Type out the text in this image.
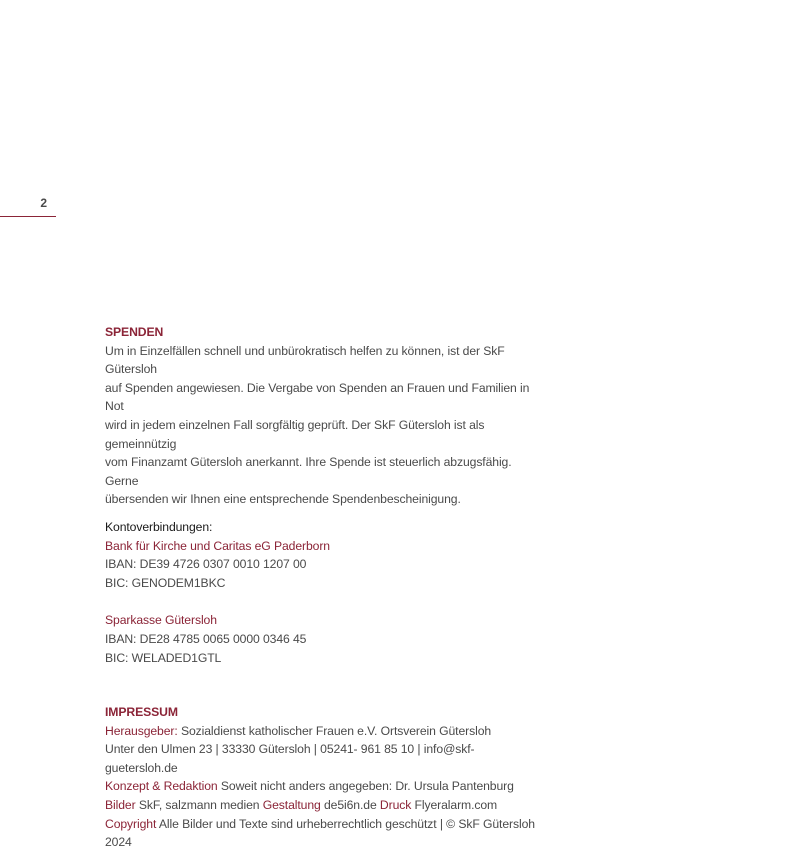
2
SPENDEN
Um in Einzelfällen schnell und unbürokratisch helfen zu können, ist der SkF Gütersloh
auf Spenden angewiesen. Die Vergabe von Spenden an Frauen und Familien in Not
wird in jedem einzelnen Fall sorgfältig geprüft. Der SkF Gütersloh ist als gemeinnützig
vom Finanzamt Gütersloh anerkannt. Ihre Spende ist steuerlich abzugsfähig. Gerne
übersenden wir Ihnen eine entsprechende Spendenbescheinigung.
Kontoverbindungen:
Bank für Kirche und Caritas eG Paderborn
IBAN: DE39 4726 0307 0010 1207 00
BIC: GENODEM1BKC
Sparkasse Gütersloh
IBAN: DE28 4785 0065 0000 0346 45
BIC: WELADED1GTL
IMPRESSUM
Herausgeber: Sozialdienst katholischer Frauen e.V. Ortsverein Gütersloh
Unter den Ulmen 23 | 33330 Gütersloh | 05241- 961 85 10 | info@skf-guetersloh.de
Konzept & Redaktion Soweit nicht anders angegeben: Dr. Ursula Pantenburg
Bilder SkF, salzmann medien Gestaltung de5i6n.de Druck Flyeralarm.com
Copyright Alle Bilder und Texte sind urheberrechtlich geschützt | © SkF Gütersloh 2024
